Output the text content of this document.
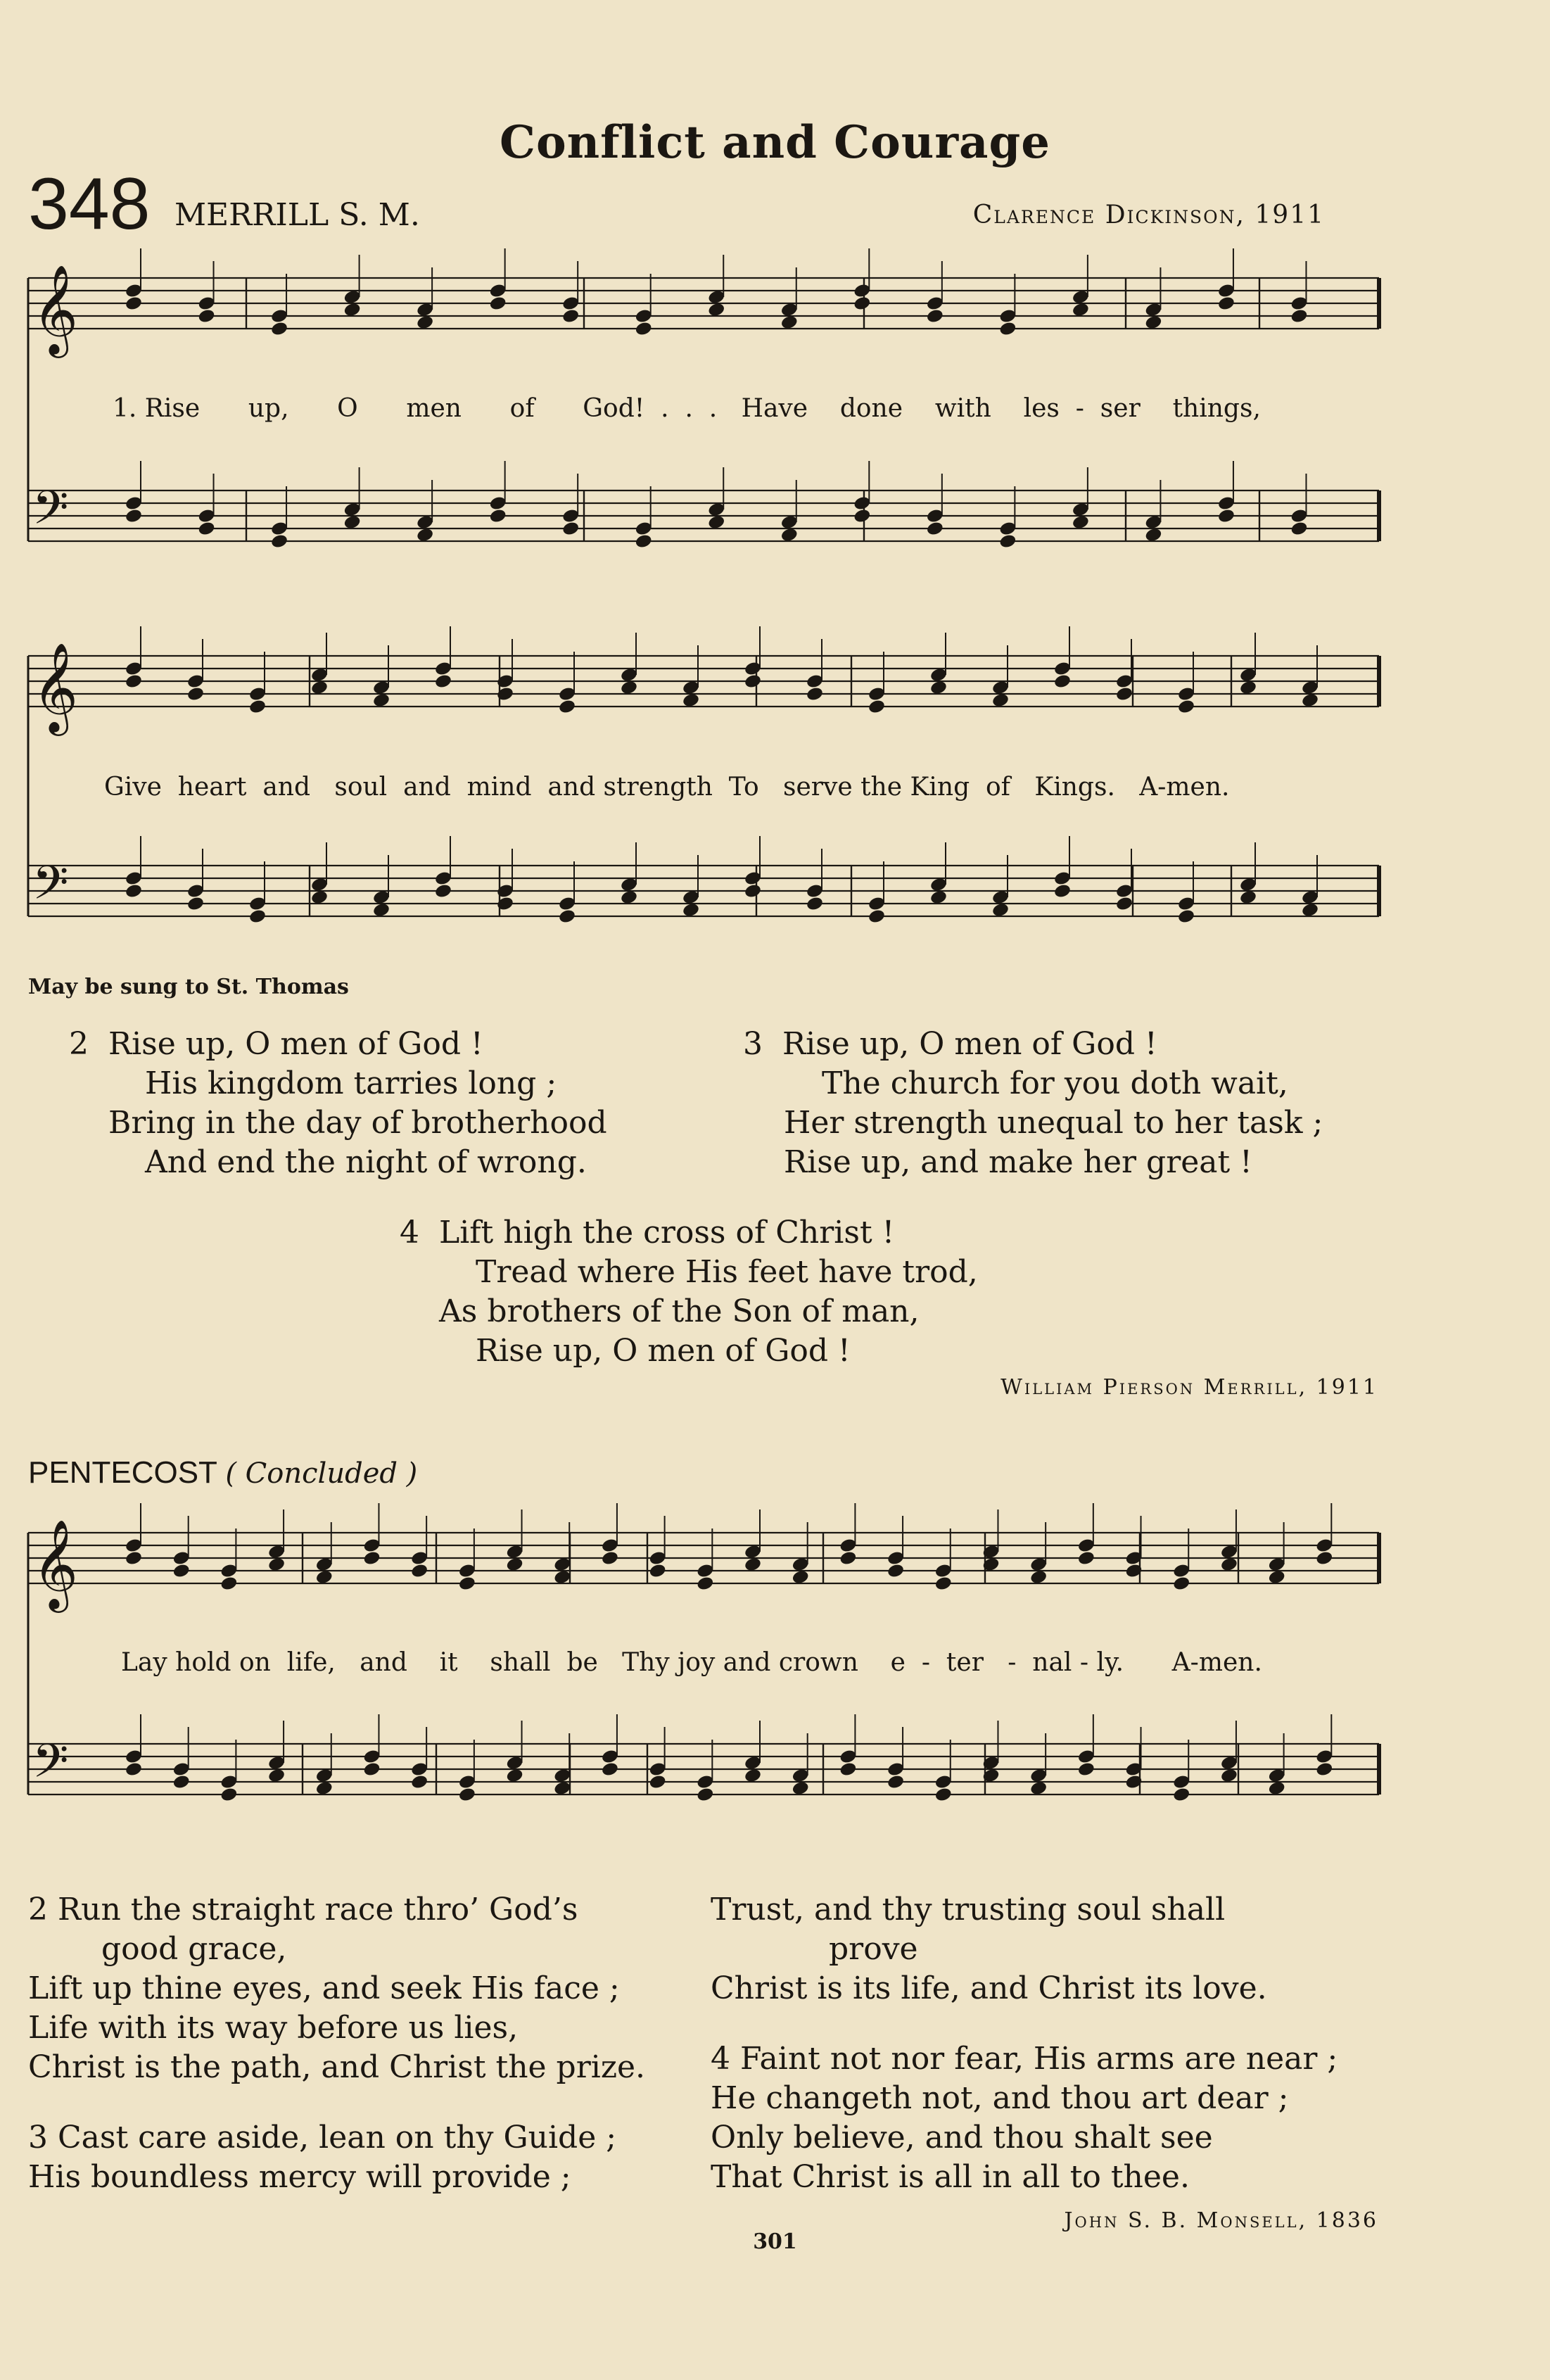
Conflict and Courage
348 MERRILL S. M.	Clarence Dickinson, 1911
𝄞
𝄢
𝄞
𝄢
𝄞
𝄢
1. Rise      up,      O      men      of      God!  .  .  .   Have    done    with    les  -  ser    things,
Give  heart  and   soul  and  mind  and strength  To   serve the King  of   Kings.   A-men.
May be sung to St. Thomas
2 Rise up, O men of God !
His kingdom tarries long ;
Bring in the day of brotherhood
And end the night of wrong.
3 Rise up, O men of God !
The church for you doth wait,
Her strength unequal to her task ;
Rise up, and make her great !
4 Lift high the cross of Christ !
Tread where His feet have trod,
As brothers of the Son of man,
Rise up, O men of God !
William Pierson Merrill, 1911
PENTECOST ( Concluded )
Lay hold on  life,   and    it    shall  be   Thy joy and crown    e  -  ter   -  nal - ly.      A-men.
2 Run the straight race thro’ God’s
good grace,
Lift up thine eyes, and seek His face ;
Life with its way before us lies,
Christ is the path, and Christ the prize.
3 Cast care aside, lean on thy Guide ;
His boundless mercy will provide ;
Trust, and thy trusting soul shall
prove
Christ is its life, and Christ its love.
4 Faint not nor fear, His arms are near ;
He changeth not, and thou art dear ;
Only believe, and thou shalt see
That Christ is all in all to thee.
John S. B. Monsell, 1836
301
